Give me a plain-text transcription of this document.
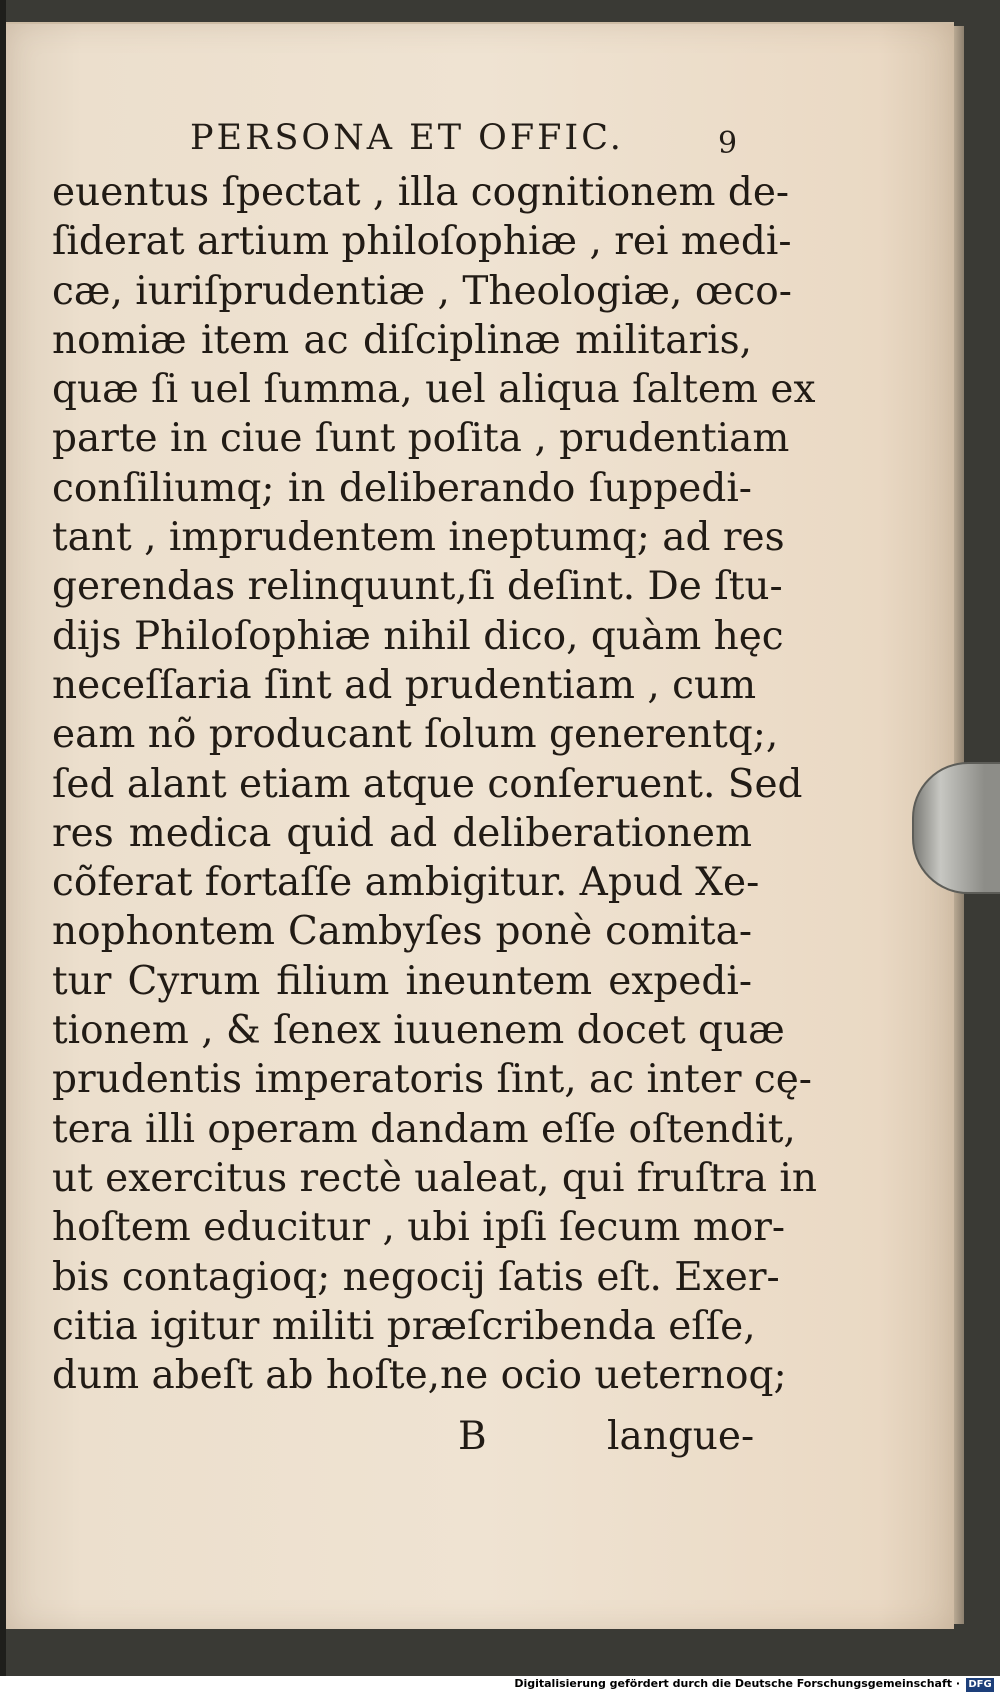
PERSONA ET OFFIC.	9
euentus ſpectat , illa cognitionem de-
ſiderat artium philoſophiæ , rei medi-
cæ, iuriſprudentiæ , Theologiæ, œco-
nomiæ item ac diſciplinæ militaris,
quæ ſi uel ſumma, uel aliqua ſaltem ex
parte in ciue ſunt poſita , prudentiam
conſiliumq; in deliberando ſuppedi-
tant , imprudentem ineptumq; ad res
gerendas relinquunt,ſi deſint. De ſtu-
dijs Philoſophiæ nihil dico, quàm hęc
neceſſaria ſint ad prudentiam , cum
eam nõ producant ſolum generentq;,
ſed alant etiam atque conſeruent. Sed
res medica quid ad deliberationem
cõferat fortaſſe ambigitur. Apud Xe-
nophontem Cambyſes ponè comita-
tur Cyrum filium ineuntem expedi-
tionem , & ſenex iuuenem docet quæ
prudentis imperatoris ſint, ac inter cę-
tera illi operam dandam eſſe oſtendit,
ut exercitus rectè ualeat, qui fruſtra in
hoſtem educitur , ubi ipſi ſecum mor-
bis contagioq; negocij ſatis eſt. Exer-
citia igitur militi præſcribenda eſſe,
dum abeſt ab hoſte,ne ocio ueternoq;
B	langue-
Digitalisierung gefördert durch die Deutsche Forschungsgemeinschaft · DFG
